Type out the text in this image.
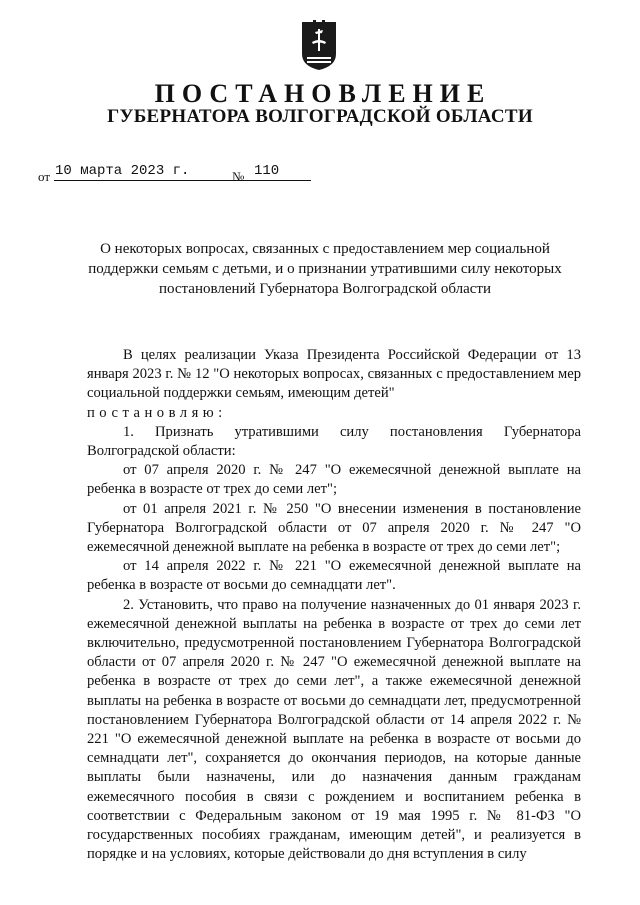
ПОСТАНОВЛЕНИЕ
ГУБЕРНАТОРА ВОЛГОГРАДСКОЙ ОБЛАСТИ
от 10 марта 2023 г.	№ 110

О некоторых вопросах, связанных с предоставлением мер социальной поддержки семьям с детьми, и о признании утратившими силу некоторых постановлений Губернатора Волгоградской области

В целях реализации Указа Президента Российской Федерации от 13 января 2023 г. № 12 "О некоторых вопросах, связанных с предоставлением мер социальной поддержки семьям, имеющим детей"

постановляю:

1. Признать утратившими силу постановления Губернатора Волгоградской области:

от 07 апреля 2020 г. № 247 "О ежемесячной денежной выплате на ребенка в возрасте от трех до семи лет";

от 01 апреля 2021 г. № 250 "О внесении изменения в постановление Губернатора Волгоградской области от 07 апреля 2020 г. № 247 "О ежемесячной денежной выплате на ребенка в возрасте от трех до семи лет";

от 14 апреля 2022 г. № 221 "О ежемесячной денежной выплате на ребенка в возрасте от восьми до семнадцати лет".

2. Установить, что право на получение назначенных до 01 января 2023 г. ежемесячной денежной выплаты на ребенка в возрасте от трех до семи лет включительно, предусмотренной постановлением Губернатора Волгоградской области от 07 апреля 2020 г. № 247 "О ежемесячной денежной выплате на ребенка в возрасте от трех до семи лет", а также ежемесячной денежной выплаты на ребенка в возрасте от восьми до семнадцати лет, предусмотренной постановлением Губернатора Волгоградской области от 14 апреля 2022 г. № 221 "О ежемесячной денежной выплате на ребенка в возрасте от восьми до семнадцати лет", сохраняется до окончания периодов, на которые данные выплаты были назначены, или до назначения данным гражданам ежемесячного пособия в связи с рождением и воспитанием ребенка в соответствии с Федеральным законом от 19 мая 1995 г. № 81-ФЗ "О государственных пособиях гражданам, имеющим детей", и реализуется в порядке и на условиях, которые действовали до дня вступления в силу
